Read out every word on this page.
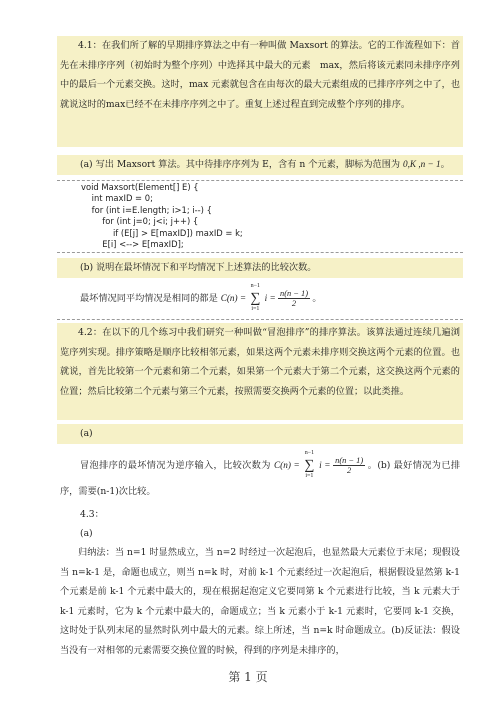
4.1：在我们所了解的早期排序算法之中有一种叫做 Maxsort 的算法。它的工作流程如下：首先在未排序序列（初始时为整个序列）中选择其中最大的元素　max，然后将该元素同未排序序列中的最后一个元素交换。这时，max 元素就包含在由每次的最大元素组成的已排序序列之中了，也就说这时的max已经不在未排序序列之中了。重复上述过程直到完成整个序列的排序。
(a) 写出 Maxsort 算法。其中待排序序列为 E，含有 n 个元素，脚标为范围为 0,K ,n − 1。
void Maxsort(Element[] E) {
int maxID = 0;
for (int i=E.length; i>1; i--) {
for (int j=0; j<i; j++) {
if (E[j] > E[maxID]) maxID = k;
E[i] <--> E[maxID];
(b) 说明在最坏情况下和平均情况下上述算法的比较次数。
最坏情况同平均情况是相同的都是 C(n) =
n−1
∑
i=1
$i = \frac{n(n - 1)}{2}$ 。
4.2：在以下的几个练习中我们研究一种叫做“冒泡排序”的排序算法。该算法通过连续几遍浏览序列实现。排序策略是顺序比较相邻元素，如果这两个元素未排序则交换这两个元素的位置。也就说，首先比较第一个元素和第二个元素，如果第一个元素大于第二个元素，这交换这两个元素的位置；然后比较第二个元素与第三个元素，按照需要交换两个元素的位置；以此类推。
(a)
冒泡排序的最坏情况为逆序输入，比较次数为 C(n) =
n−1
∑
i=1
$i = \frac{n(n - 1)}{2}$ 。(b) 最好情况为已排序，需要(n-1)次比较。
4.3：
(a)
归纳法：当 n=1 时显然成立，当 n=2 时经过一次起泡后，也显然最大元素位于末尾；现假设当 n=k-1 是，命题也成立，则当 n=k 时，对前 k-1 个元素经过一次起泡后，根据假设显然第 k-1 个元素是前 k-1 个元素中最大的，现在根据起泡定义它要同第 k 个元素进行比较，当 k 元素大于 k-1 元素时，它为 k 个元素中最大的，命题成立；当 k 元素小于 k-1 元素时，它要同 k-1 交换，这时处于队列末尾的显然时队列中最大的元素。综上所述，当 n=k 时命题成立。(b)反证法：假设当没有一对相邻的元素需要交换位置的时候，得到的序列是未排序的，
第 1 页
